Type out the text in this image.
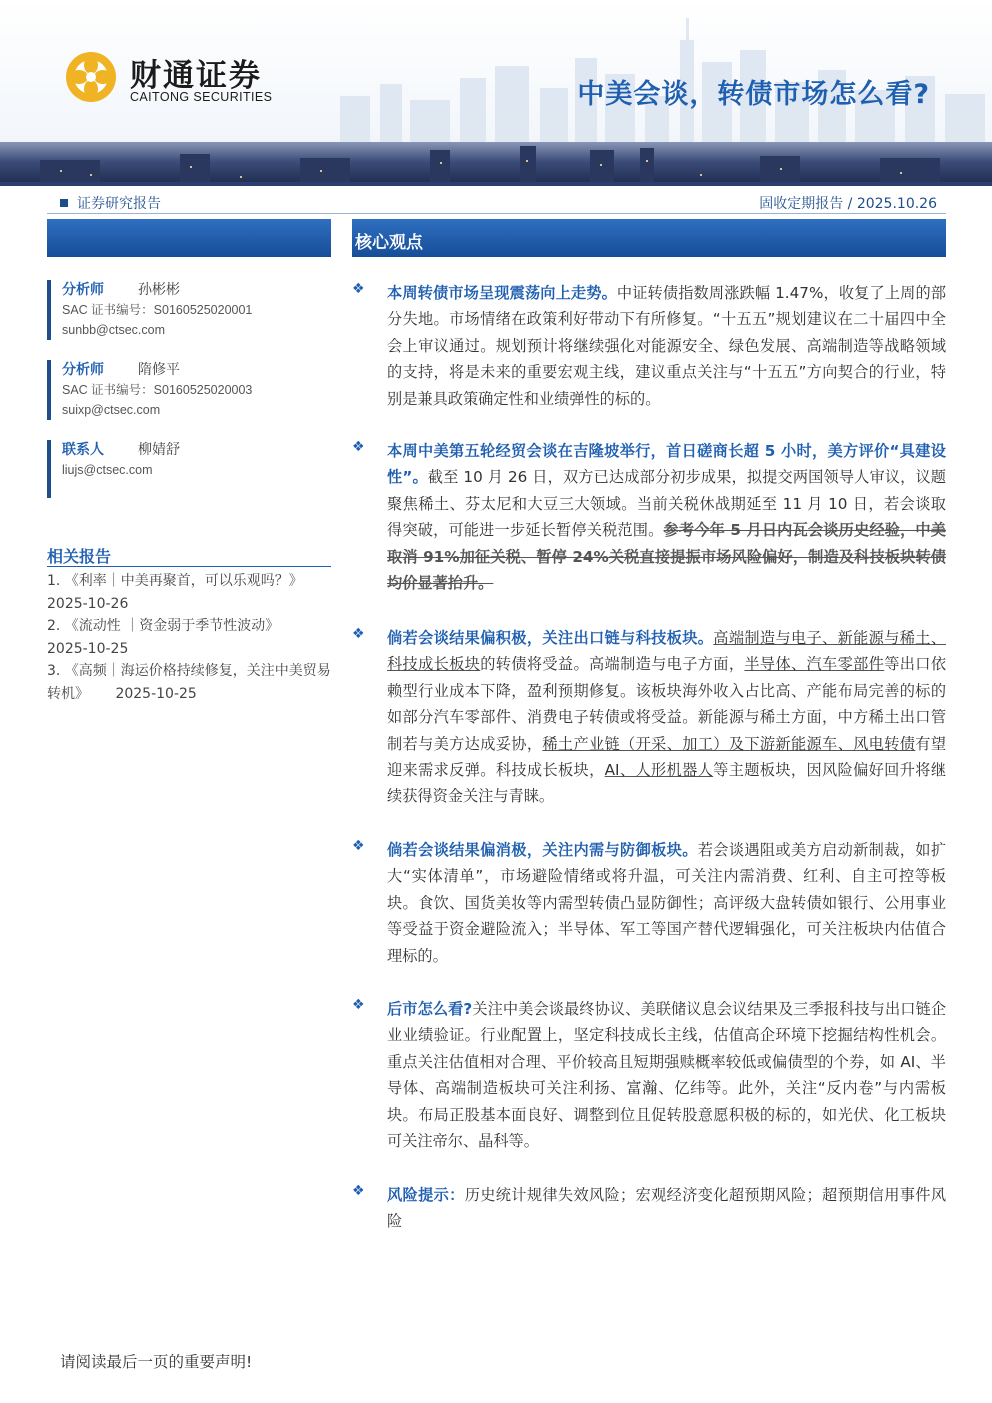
财通证券
CAITONG SECURITIES	中美会谈，转债市场怎么看?
证券研究报告	固收定期报告 / 2025.10.26
分析师	孙彬彬
SAC 证书编号：S0160525020001
sunbb@ctsec.com
分析师	隋修平
SAC 证书编号：S0160525020003
suixp@ctsec.com
联系人	柳婧舒
liujs@ctsec.com
相关报告
1. 《利率｜中美再聚首，可以乐观吗？》
2025-10-26
2. 《流动性 ｜资金弱于季节性波动》
2025-10-25
3. 《高频｜海运价格持续修复，关注中美贸易转机》 2025-10-25
核心观点
❖	本周转债市场呈现震荡向上走势。中证转债指数周涨跌幅 1.47%，收复了上周的部分失地。市场情绪在政策利好带动下有所修复。“十五五”规划建议在二十届四中全会上审议通过。规划预计将继续强化对能源安全、绿色发展、高端制造等战略领域的支持，将是未来的重要宏观主线，建议重点关注与“十五五”方向契合的行业，特别是兼具政策确定性和业绩弹性的标的。

❖	本周中美第五轮经贸会谈在吉隆坡举行，首日磋商长超 5 小时，美方评价“具建设性”。截至 10 月 26 日，双方已达成部分初步成果，拟提交两国领导人审议，议题聚焦稀土、芬太尼和大豆三大领域。当前关税休战期延至 11 月 10 日，若会谈取得突破，可能进一步延长暂停关税范围。参考今年 5 月日内瓦会谈历史经验，中美取消 91%加征关税、暂停 24%关税直接提振市场风险偏好，制造及科技板块转债均价显著抬升。

❖	倘若会谈结果偏积极，关注出口链与科技板块。高端制造与电子、新能源与稀土、科技成长板块的转债将受益。高端制造与电子方面，半导体、汽车零部件等出口依赖型行业成本下降，盈利预期修复。该板块海外收入占比高、产能布局完善的标的如部分汽车零部件、消费电子转债或将受益。新能源与稀土方面，中方稀土出口管制若与美方达成妥协，稀土产业链（开采、加工）及下游新能源车、风电转债有望迎来需求反弹。科技成长板块，AI、人形机器人等主题板块，因风险偏好回升将继续获得资金关注与青睐。

❖	倘若会谈结果偏消极，关注内需与防御板块。若会谈遇阻或美方启动新制裁，如扩大“实体清单”，市场避险情绪或将升温，可关注内需消费、红利、自主可控等板块。食饮、国货美妆等内需型转债凸显防御性；高评级大盘转债如银行、公用事业等受益于资金避险流入；半导体、军工等国产替代逻辑强化，可关注板块内估值合理标的。

❖	后市怎么看?关注中美会谈最终协议、美联储议息会议结果及三季报科技与出口链企业业绩验证。行业配置上，坚定科技成长主线，估值高企环境下挖掘结构性机会。重点关注估值相对合理、平价较高且短期强赎概率较低或偏债型的个券，如 AI、半导体、高端制造板块可关注利扬、富瀚、亿纬等。此外，关注“反内卷”与内需板块。布局正股基本面良好、调整到位且促转股意愿积极的标的，如光伏、化工板块可关注帝尔、晶科等。

❖	风险提示：历史统计规律失效风险；宏观经济变化超预期风险；超预期信用事件风险

请阅读最后一页的重要声明!
